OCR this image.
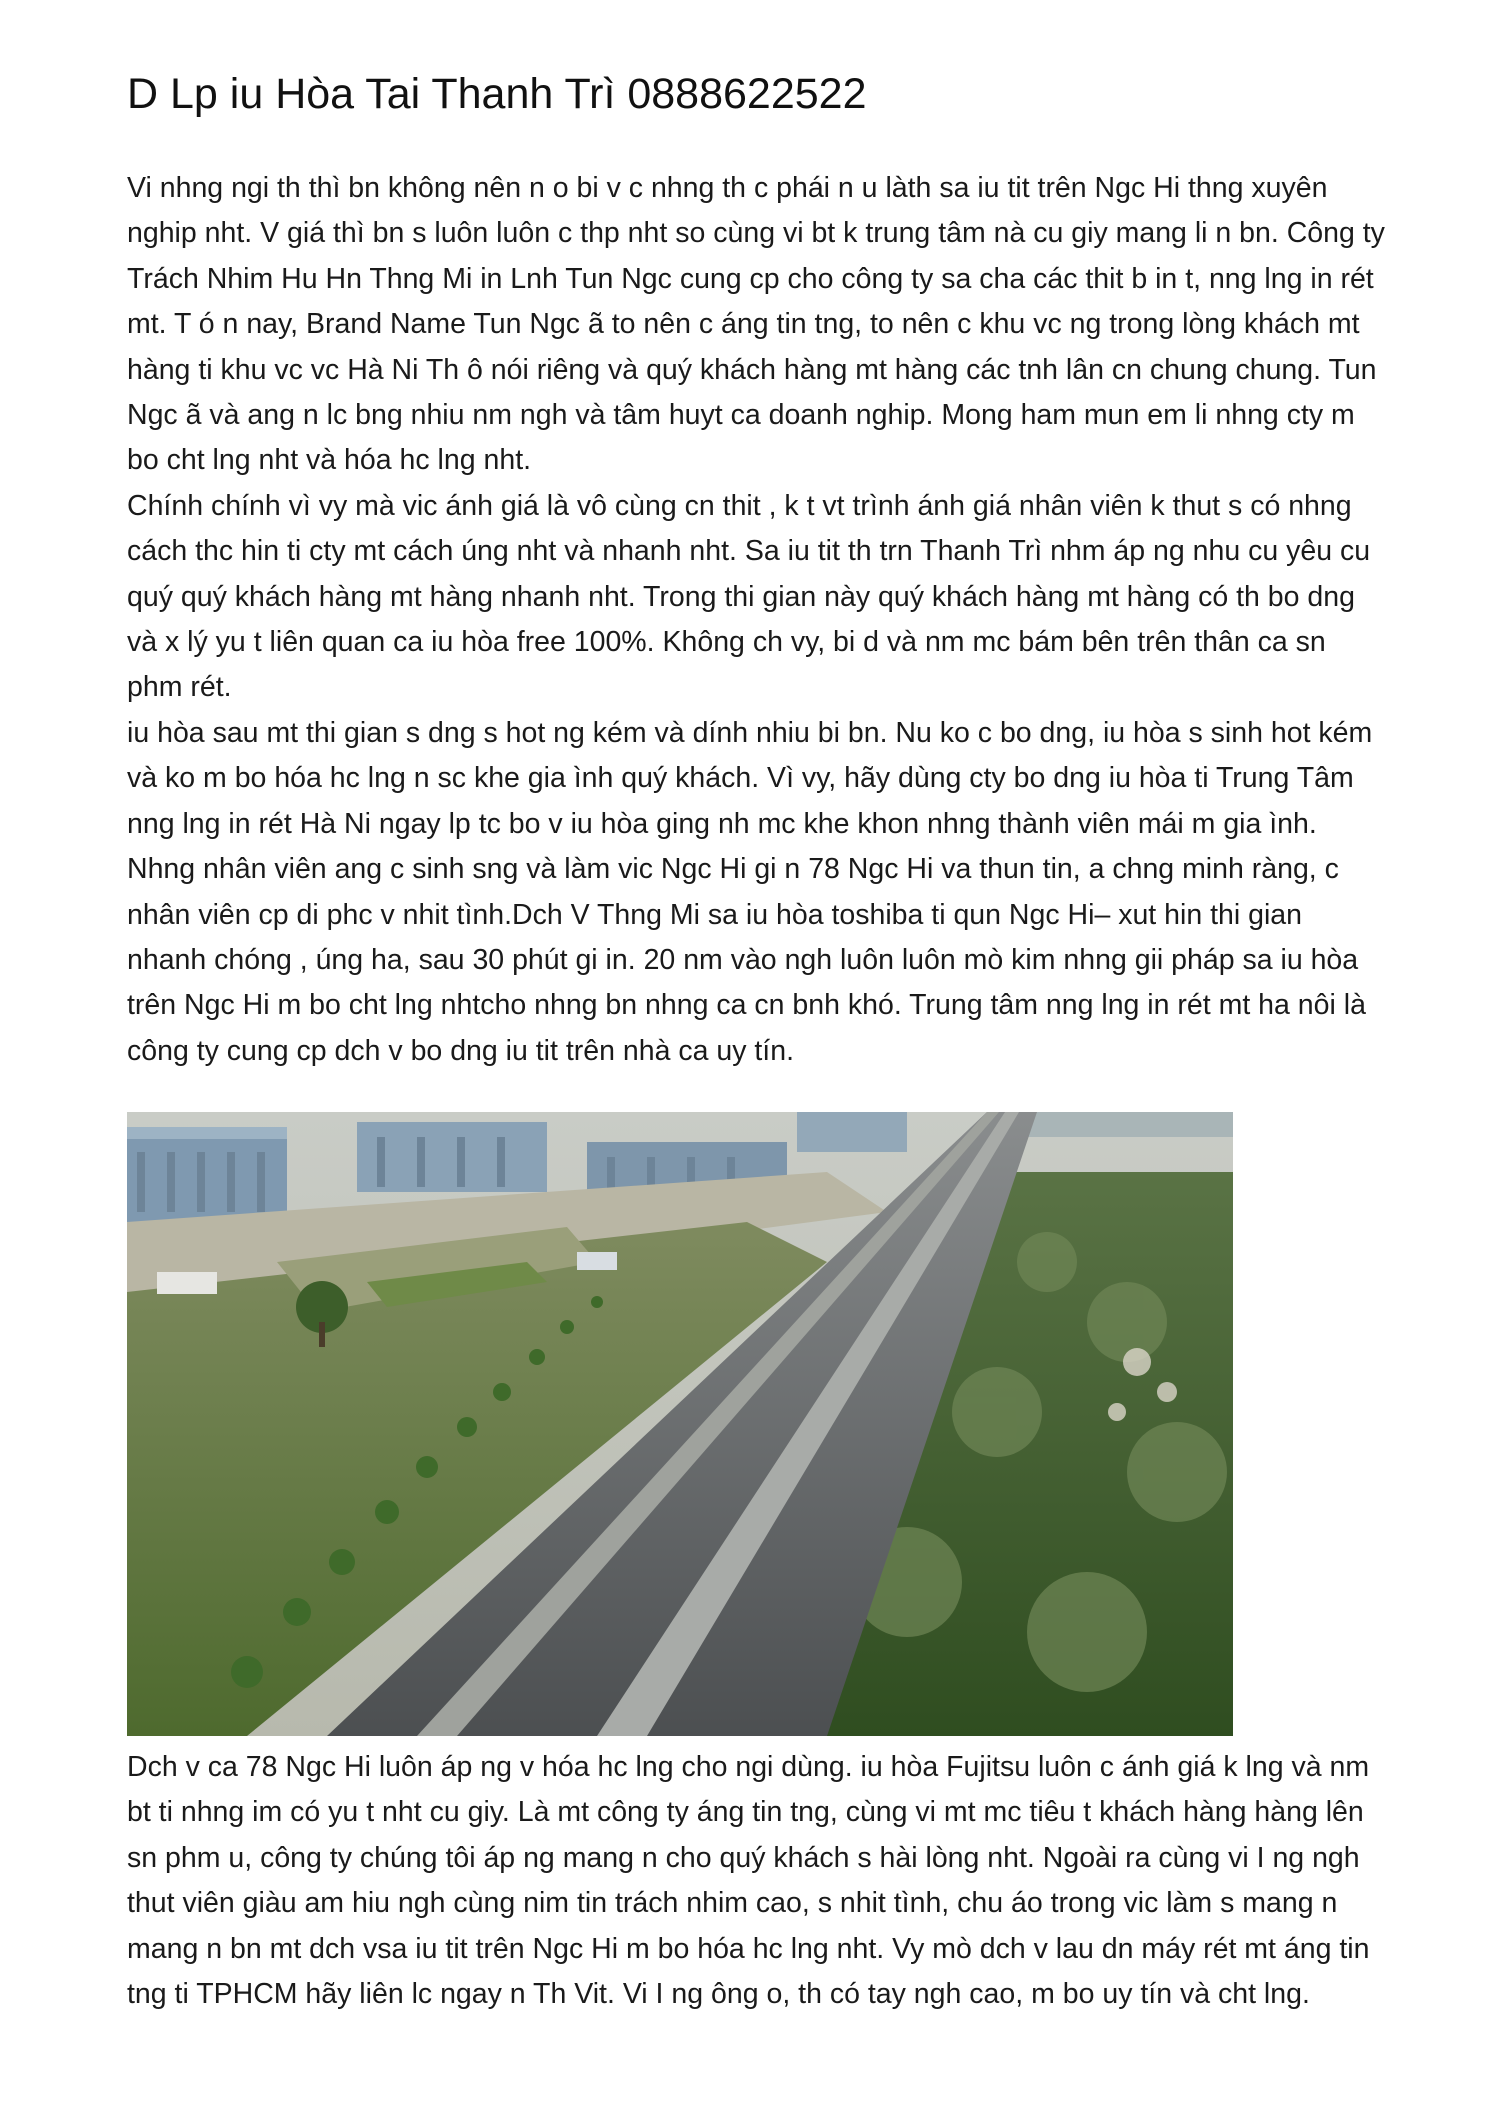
D Lp iu Hòa Tai Thanh Trì 0888622522

Vi nhng ngi th thì bn không nên n o bi v c nhng th c phái n u làth sa iu tit trên Ngc Hi thng xuyên nghip nht. V giá thì bn s luôn luôn c thp nht so cùng vi bt k trung tâm nà cu giy mang li n bn. Công ty Trách Nhim Hu Hn Thng Mi in Lnh Tun Ngc cung cp cho công ty sa cha các thit b in t, nng lng in rét mt. T ó n nay, Brand Name Tun Ngc ã to nên c áng tin tng, to nên c khu vc ng trong lòng khách mt hàng ti khu vc vc Hà Ni Th ô nói riêng và quý khách hàng mt hàng các tnh lân cn chung chung. Tun Ngc ã và ang n lc bng nhiu nm ngh và tâm huyt ca doanh nghip. Mong ham mun em li nhng cty m bo cht lng nht và hóa hc lng nht.

Chính chính vì vy mà vic ánh giá là vô cùng cn thit , k t vt trình ánh giá nhân viên k thut s có nhng cách thc hin ti cty mt cách úng nht và nhanh nht. Sa iu tit th trn Thanh Trì nhm áp ng nhu cu yêu cu quý quý khách hàng mt hàng nhanh nht. Trong thi gian này quý khách hàng mt hàng có th bo dng và x lý yu t liên quan ca iu hòa free 100%. Không ch vy, bi d và nm mc bám bên trên thân ca sn phm rét.

iu hòa sau mt thi gian s dng s hot ng kém và dính nhiu bi bn. Nu ko c bo dng, iu hòa s sinh hot kém và ko m bo hóa hc lng n sc khe gia ình quý khách. Vì vy, hãy dùng cty bo dng iu hòa ti Trung Tâm nng lng in rét Hà Ni ngay lp tc bo v iu hòa ging nh mc khe khon nhng thành viên mái m gia ình. Nhng nhân viên ang c sinh sng và làm vic Ngc Hi gi n 78 Ngc Hi va thun tin, a chng minh ràng, c nhân viên cp di phc v nhit tình.Dch V Thng Mi sa iu hòa toshiba ti qun Ngc Hi– xut hin thi gian nhanh chóng , úng ha, sau 30 phút gi in. 20 nm vào ngh luôn luôn mò kim nhng gii pháp sa iu hòa trên Ngc Hi m bo cht lng nhtcho nhng bn nhng ca cn bnh khó. Trung tâm nng lng in rét mt ha nôi là công ty cung cp dch v bo dng iu tit trên nhà ca uy tín.

Dch v ca 78 Ngc Hi luôn áp ng v hóa hc lng cho ngi dùng. iu hòa Fujitsu luôn c ánh giá k lng và nm bt ti nhng im có yu t nht cu giy. Là mt công ty áng tin tng, cùng vi mt mc tiêu t khách hàng hàng lên sn phm u, công ty chúng tôi áp ng mang n cho quý khách s hài lòng nht. Ngoài ra cùng vi I ng ngh thut viên giàu am hiu ngh cùng nim tin trách nhim cao, s nhit tình, chu áo trong vic làm s mang n mang n bn mt dch vsa iu tit trên Ngc Hi m bo hóa hc lng nht. Vy mò dch v lau dn máy rét mt áng tin tng ti TPHCM hãy liên lc ngay n Th Vit. Vi I ng ông o, th có tay ngh cao, m bo uy tín và cht lng.
